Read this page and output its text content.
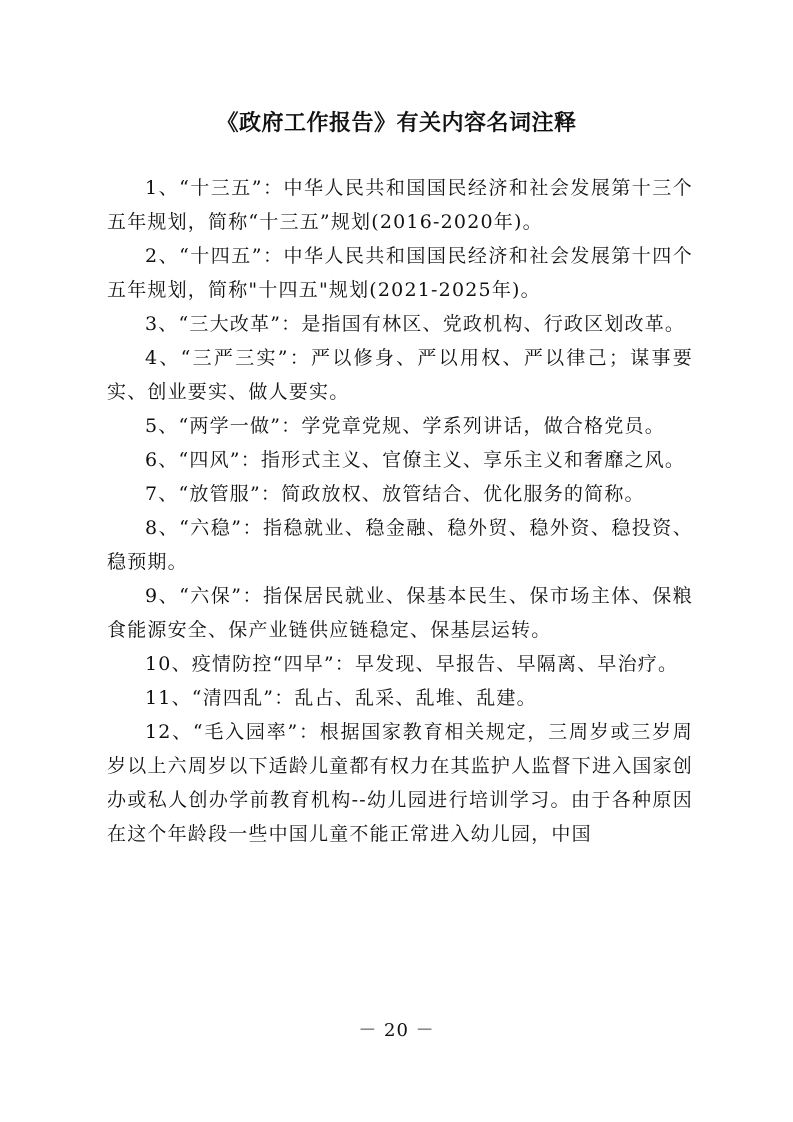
《政府工作报告》有关内容名词注释

1、“十三五”：中华人民共和国国民经济和社会发展第十三个五年规划，简称“十三五”规划(2016-2020年)。

2、“十四五”：中华人民共和国国民经济和社会发展第十四个五年规划，简称"十四五"规划(2021-2025年)。

3、“三大改革”：是指国有林区、党政机构、行政区划改革。

4、“三严三实”：严以修身、严以用权、严以律己；谋事要实、创业要实、做人要实。

5、“两学一做”：学党章党规、学系列讲话，做合格党员。

6、“四风”：指形式主义、官僚主义、享乐主义和奢靡之风。

7、“放管服”：简政放权、放管结合、优化服务的简称。

8、“六稳”：指稳就业、稳金融、稳外贸、稳外资、稳投资、稳预期。

9、“六保”：指保居民就业、保基本民生、保市场主体、保粮食能源安全、保产业链供应链稳定、保基层运转。

10、疫情防控“四早”：早发现、早报告、早隔离、早治疗。

11、“清四乱”：乱占、乱采、乱堆、乱建。

12、“毛入园率”：根据国家教育相关规定，三周岁或三岁周岁以上六周岁以下适龄儿童都有权力在其监护人监督下进入国家创办或私人创办学前教育机构--幼儿园进行培训学习。由于各种原因在这个年龄段一些中国儿童不能正常进入幼儿园，中国

－ 20 －
